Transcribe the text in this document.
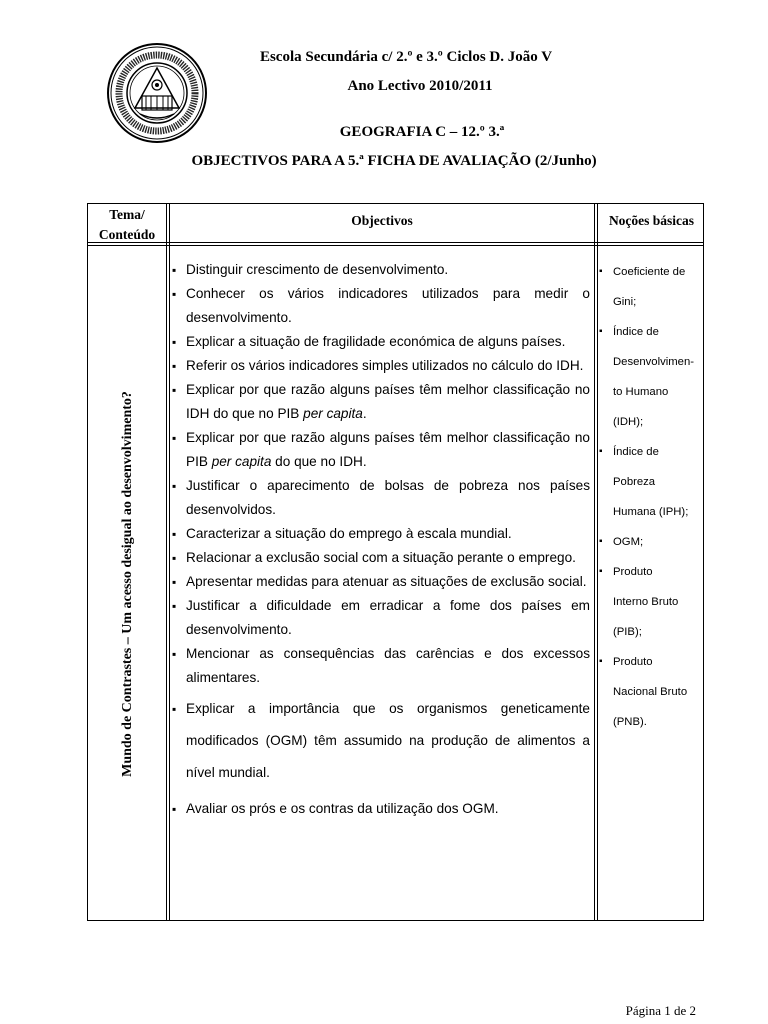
Escola Secundária c/ 2.º e 3.º Ciclos D. João V
Ano Lectivo 2010/2011
GEOGRAFIA C – 12.º 3.ª
OBJECTIVOS PARA A 5.ª FICHA DE AVALIAÇÃO (2/Junho)
Tema/
Conteúdo
Objectivos	Noções básicas
Mundo de Contrastes – Um acesso desigual ao desenvolvimento?
▪ Distinguir crescimento de desenvolvimento.
▪ Conhecer os vários indicadores utilizados para medir o desenvolvimento.
▪ Explicar a situação de fragilidade económica de alguns países.
▪ Referir os vários indicadores simples utilizados no cálculo do IDH.
▪ Explicar por que razão alguns países têm melhor classificação no IDH do que no PIB per capita.
▪ Explicar por que razão alguns países têm melhor classificação no PIB per capita do que no IDH.
▪ Justificar o aparecimento de bolsas de pobreza nos países desenvolvidos.
▪ Caracterizar a situação do emprego à escala mundial.
▪ Relacionar a exclusão social com a situação perante o emprego.
▪ Apresentar medidas para atenuar as situações de exclusão social.
▪ Justificar a dificuldade em erradicar a fome dos países em desenvolvimento.
▪ Mencionar as consequências das carências e dos excessos alimentares.
▪ Explicar a importância que os organismos geneticamente modificados (OGM) têm assumido na produção de alimentos a nível mundial.
▪ Avaliar os prós e os contras da utilização dos OGM.
▪ Coeficiente de
Gini;
▪ Índice de
Desenvolvimen-
to Humano
(IDH);
▪ Índice de
Pobreza
Humana (IPH);
▪ OGM;
▪ Produto
Interno Bruto
(PIB);
▪ Produto
Nacional Bruto
(PNB).
Página 1 de 2
